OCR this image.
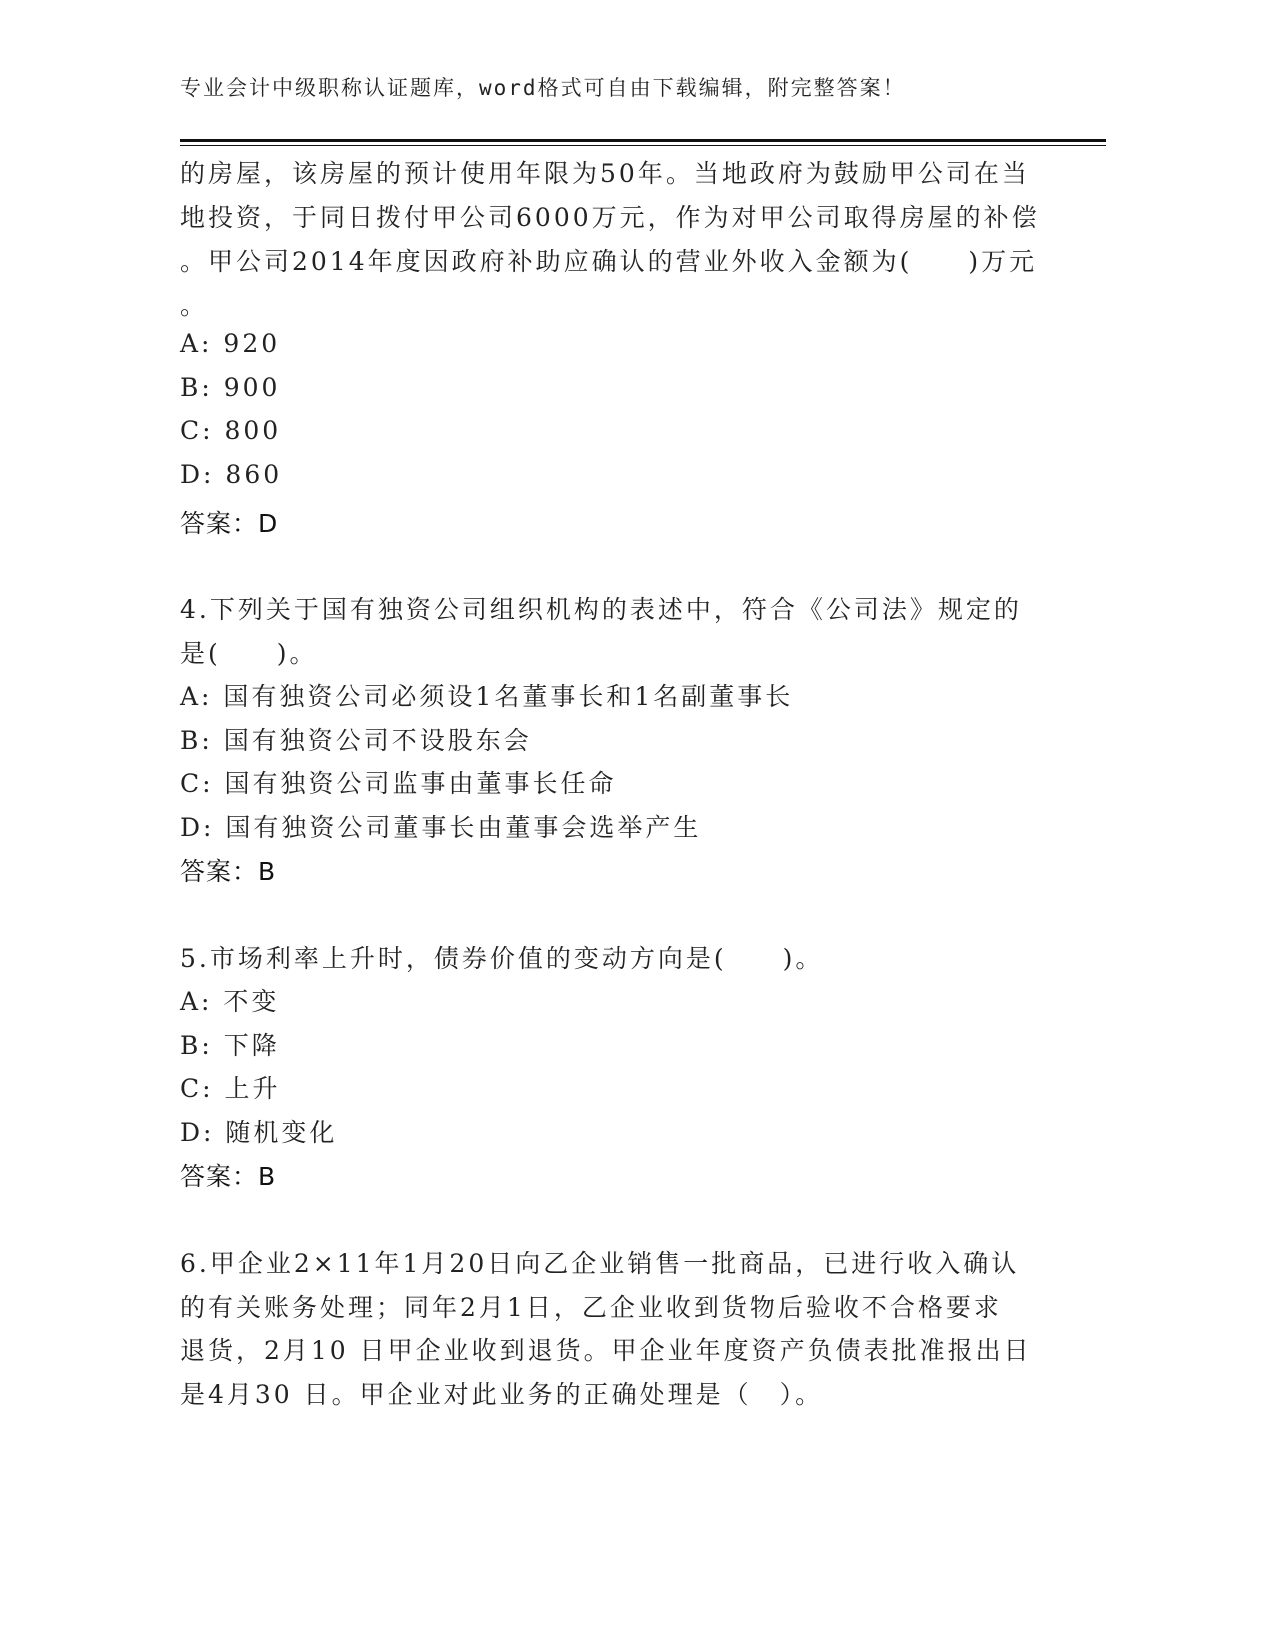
专业会计中级职称认证题库，word格式可自由下载编辑，附完整答案！
的房屋，该房屋的预计使用年限为50年。当地政府为鼓励甲公司在当
地投资，于同日拨付甲公司6000万元，作为对甲公司取得房屋的补偿
。甲公司2014年度因政府补助应确认的营业外收入金额为(　　)万元
。
A: 920
B: 900
C: 800
D: 860
答案：D
4.下列关于国有独资公司组织机构的表述中，符合《公司法》规定的
是(　　)。
A: 国有独资公司必须设1名董事长和1名副董事长
B: 国有独资公司不设股东会
C: 国有独资公司监事由董事长任命
D: 国有独资公司董事长由董事会选举产生
答案：B
5.市场利率上升时，债券价值的变动方向是(　　)。
A: 不变
B: 下降
C: 上升
D: 随机变化
答案：B
6.甲企业2×11年1月20日向乙企业销售一批商品，已进行收入确认
的有关账务处理；同年2月1日，乙企业收到货物后验收不合格要求
退货，2月10 日甲企业收到退货。甲企业年度资产负债表批准报出日
是4月30 日。甲企业对此业务的正确处理是（　）。
